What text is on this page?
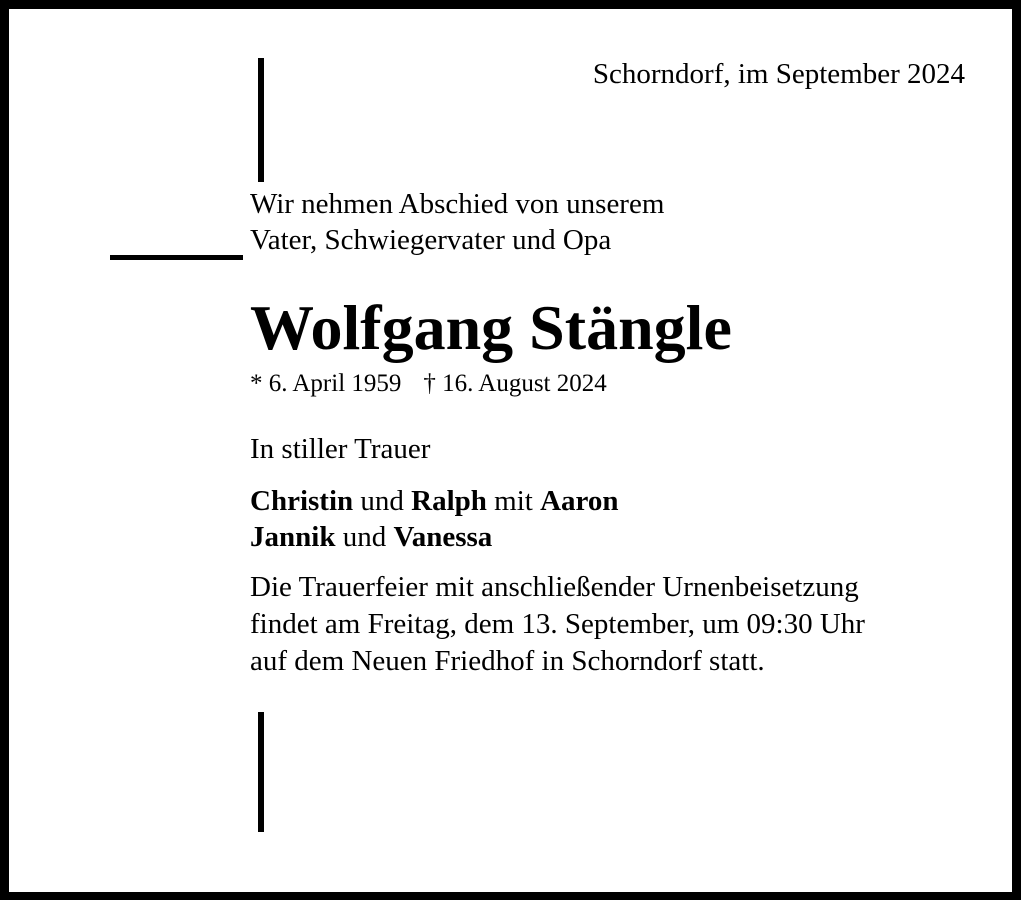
Schorndorf, im September 2024
Wir nehmen Abschied von unserem
Vater, Schwiegervater und Opa
Wolfgang Stängle
* 6. April 1959 † 16. August 2024
In stiller Trauer
Christin und Ralph mit Aaron
Jannik und Vanessa
Die Trauerfeier mit anschließender Urnenbeisetzung
findet am Freitag, dem 13. September, um 09:30 Uhr
auf dem Neuen Friedhof in Schorndorf statt.
